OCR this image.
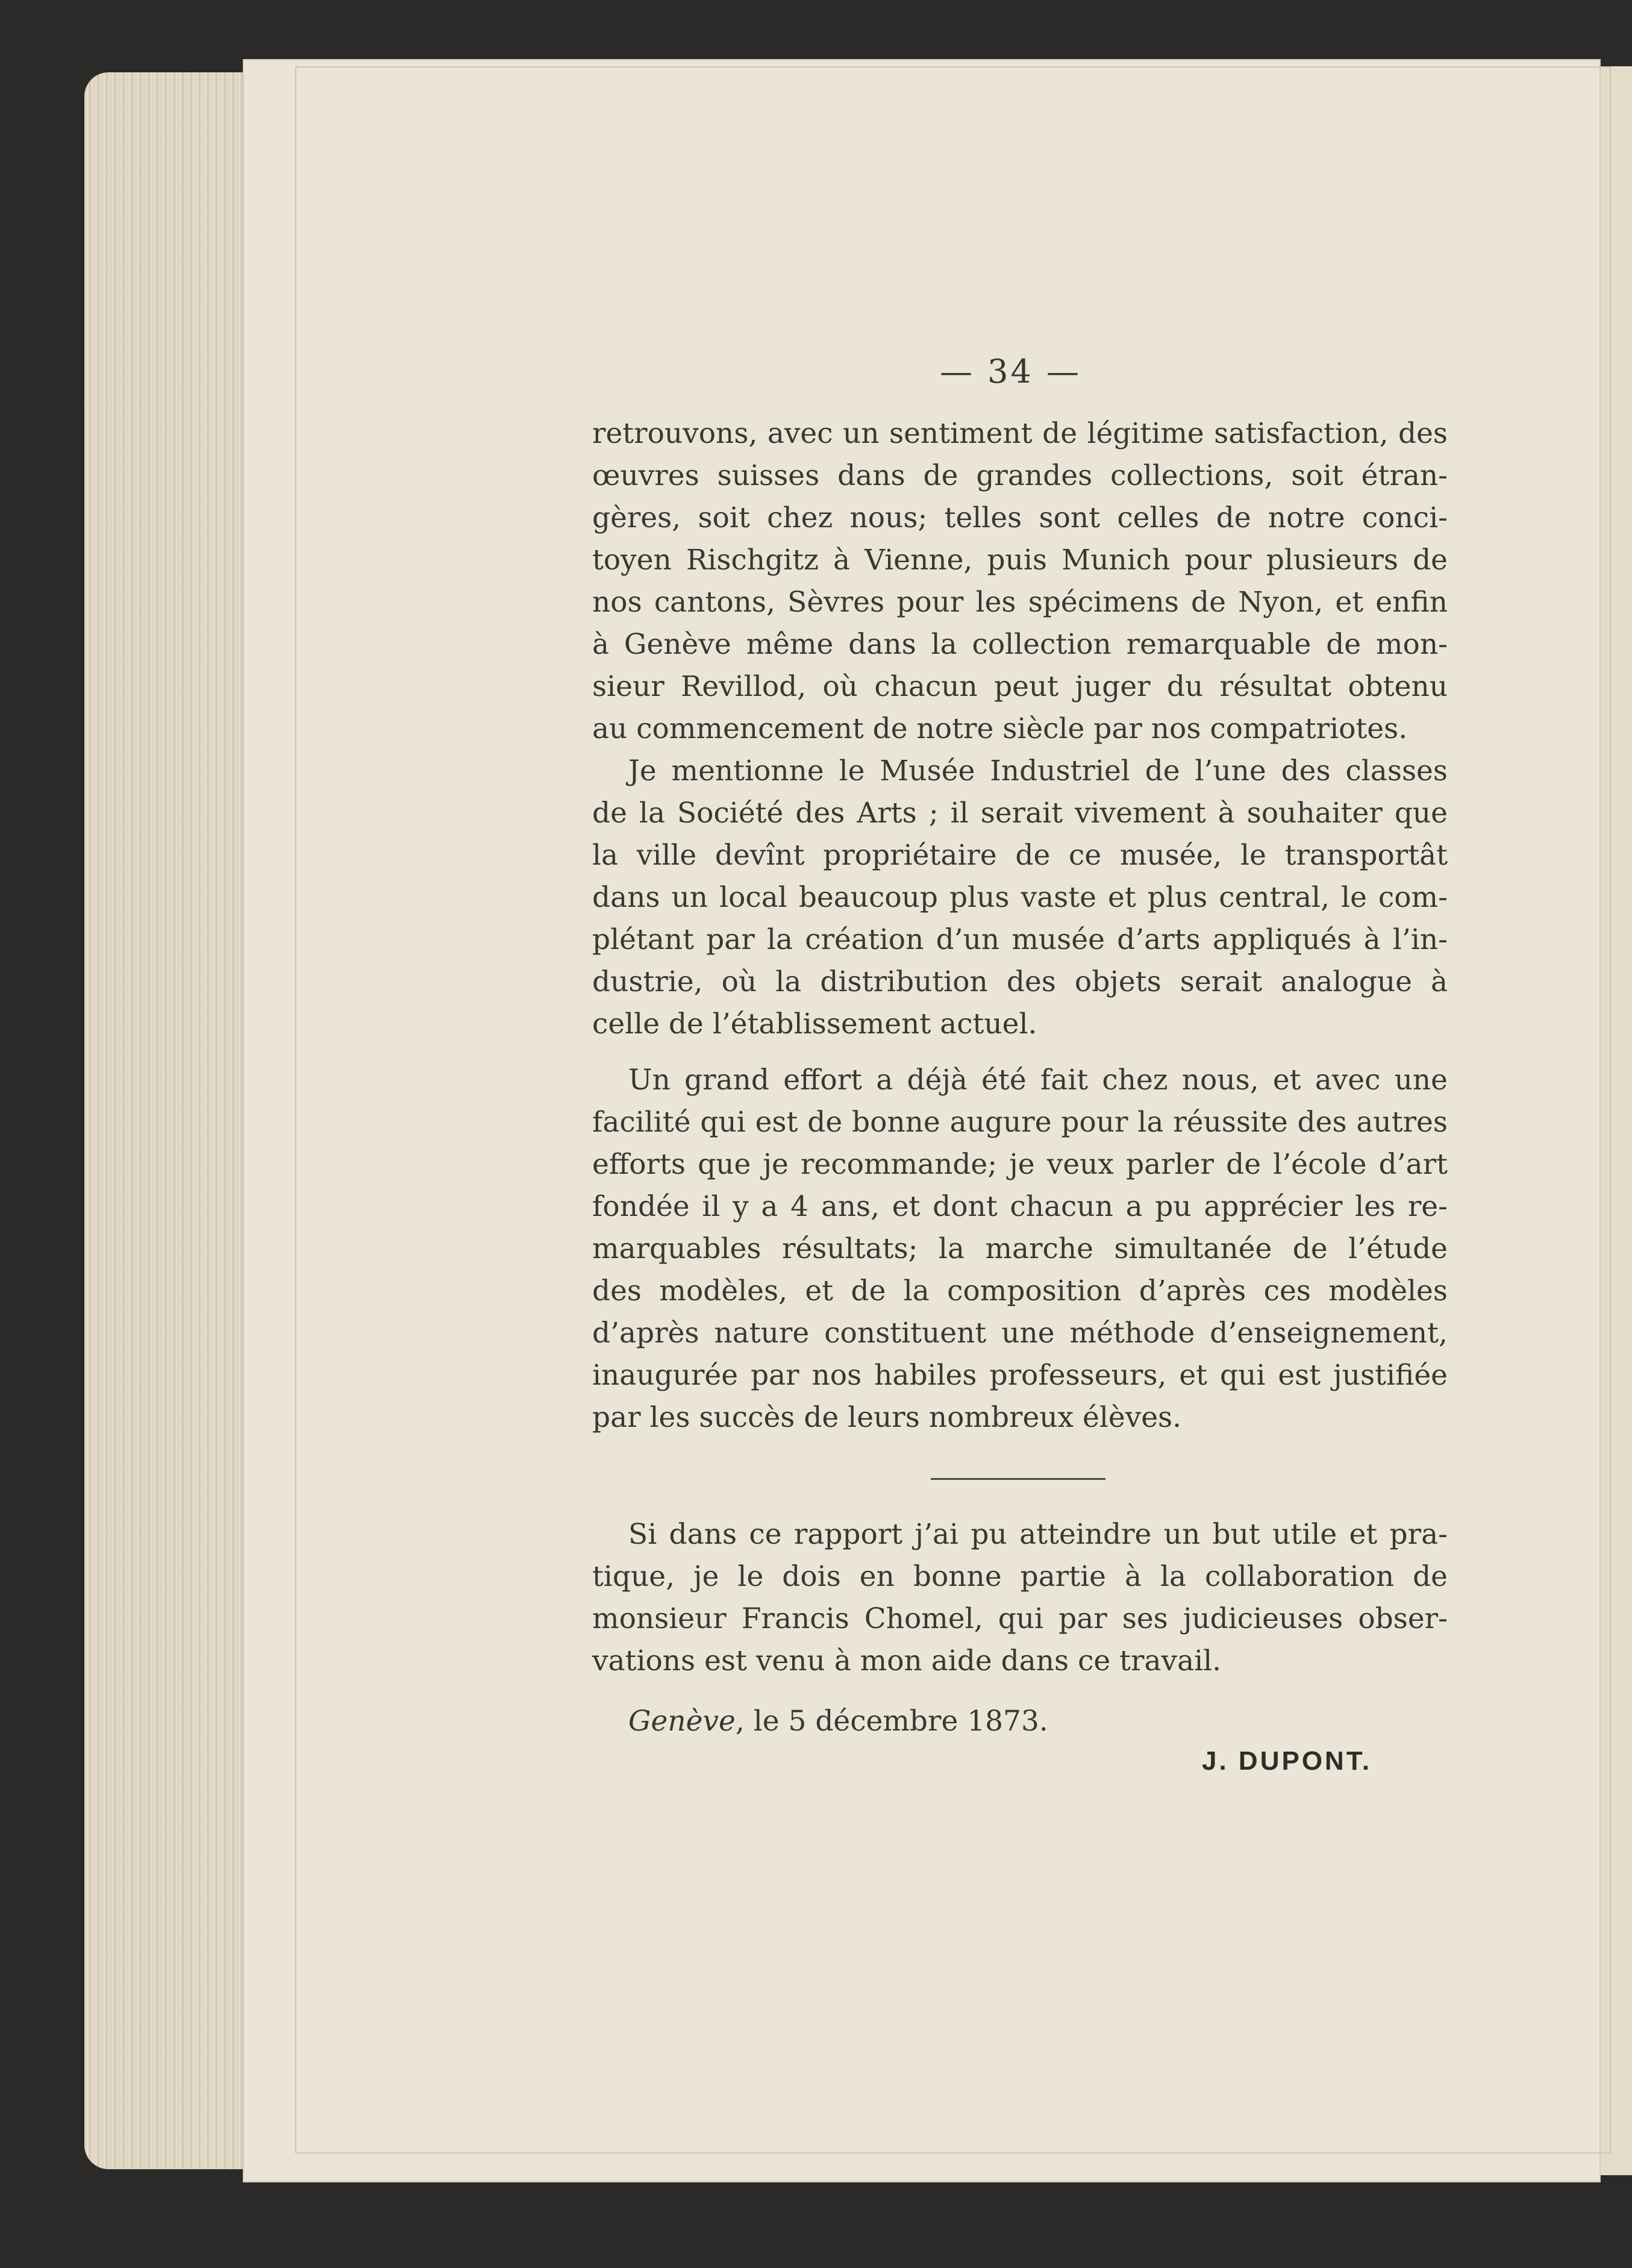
— 34 —
retrouvons, avec un sentiment de légitime satisfaction, des
œuvres suisses dans de grandes collections, soit étran-
gères, soit chez nous; telles sont celles de notre conci-
toyen Rischgitz à Vienne, puis Munich pour plusieurs de
nos cantons, Sèvres pour les spécimens de Nyon, et enfin
à Genève même dans la collection remarquable de mon-
sieur Revillod, où chacun peut juger du résultat obtenu
au commencement de notre siècle par nos compatriotes.
Je mentionne le Musée Industriel de l’une des classes
de la Société des Arts ; il serait vivement à souhaiter que
la ville devînt propriétaire de ce musée, le transportât
dans un local beaucoup plus vaste et plus central, le com-
plétant par la création d’un musée d’arts appliqués à l’in-
dustrie, où la distribution des objets serait analogue à
celle de l’établissement actuel.
Un grand effort a déjà été fait chez nous, et avec une
facilité qui est de bonne augure pour la réussite des autres
efforts que je recommande; je veux parler de l’école d’art
fondée il y a 4 ans, et dont chacun a pu apprécier les re-
marquables résultats; la marche simultanée de l’étude
des modèles, et de la composition d’après ces modèles
d’après nature constituent une méthode d’enseignement,
inaugurée par nos habiles professeurs, et qui est justifiée
par les succès de leurs nombreux élèves.
Si dans ce rapport j’ai pu atteindre un but utile et pra-
tique, je le dois en bonne partie à la collaboration de
monsieur Francis Chomel, qui par ses judicieuses obser-
vations est venu à mon aide dans ce travail.
Genève, le 5 décembre 1873.
J. DUPONT.
